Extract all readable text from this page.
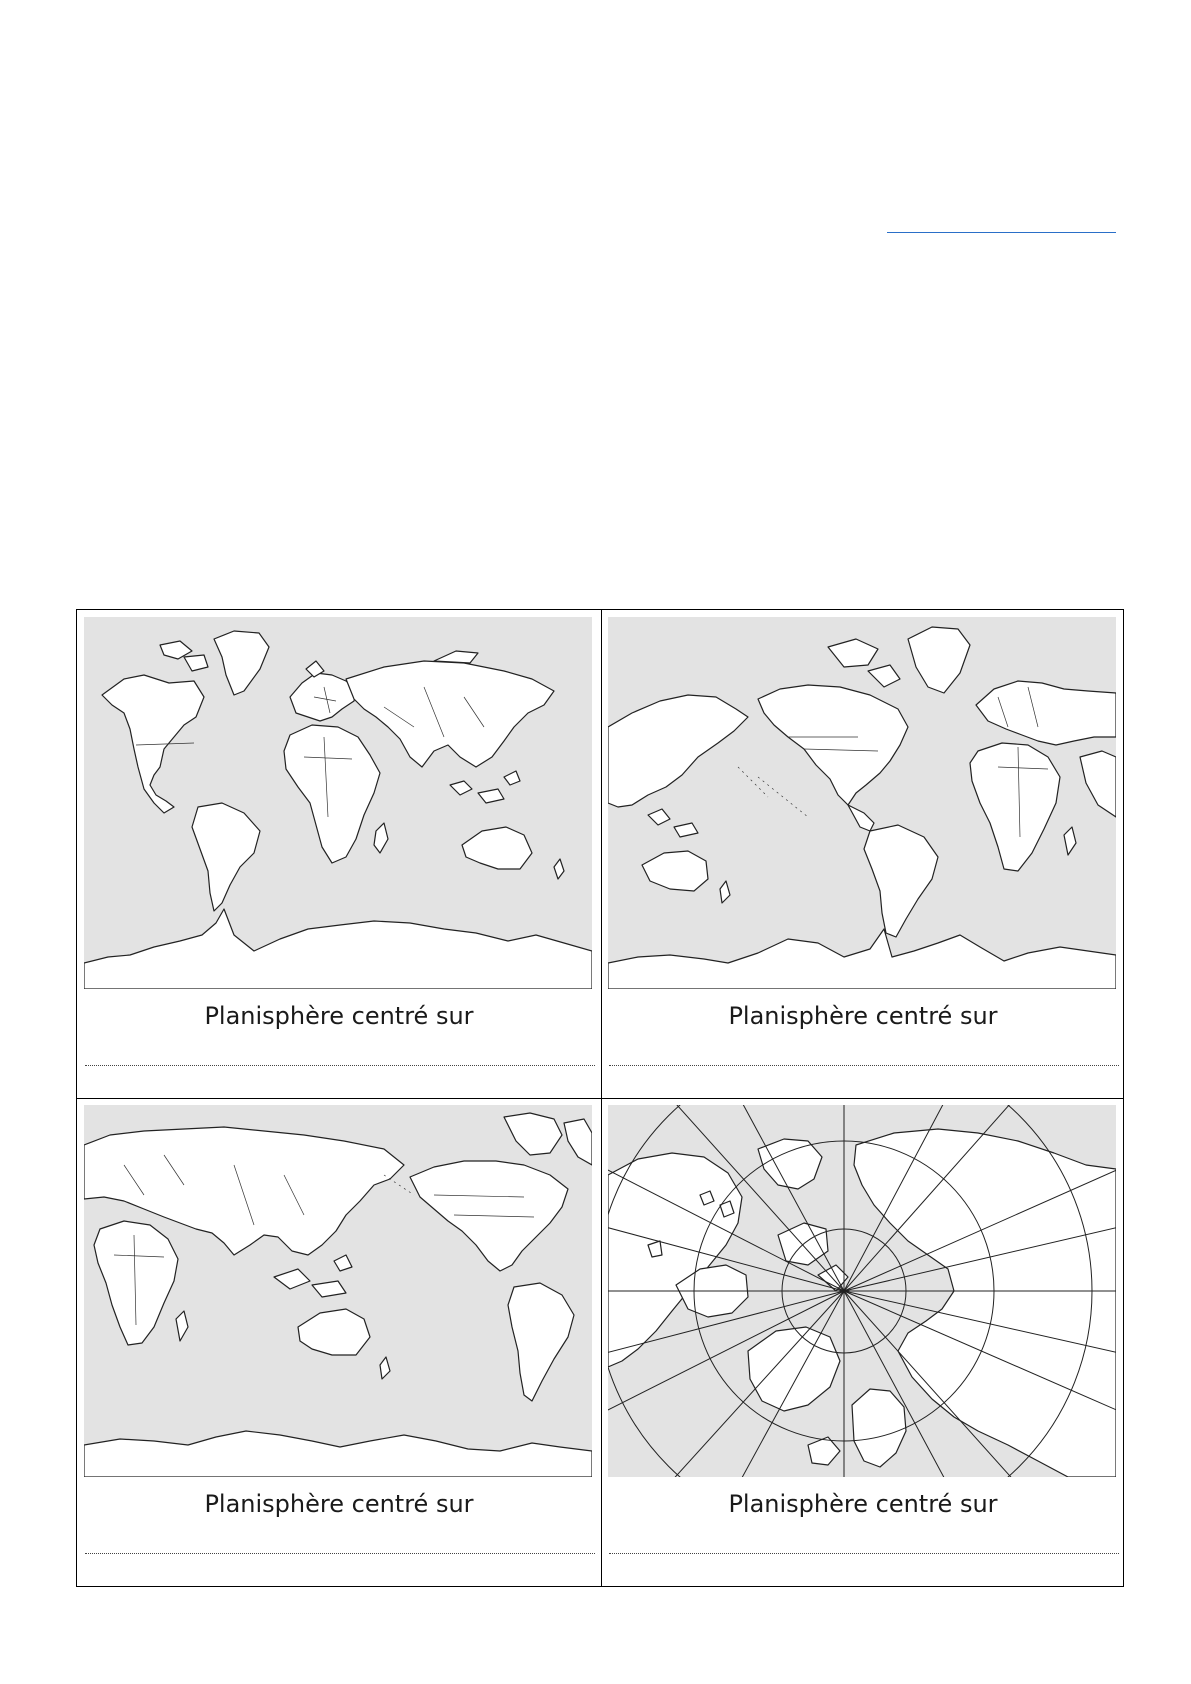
Planisphère centré sur	Planisphère centré sur
Planisphère centré sur	Planisphère centré sur
